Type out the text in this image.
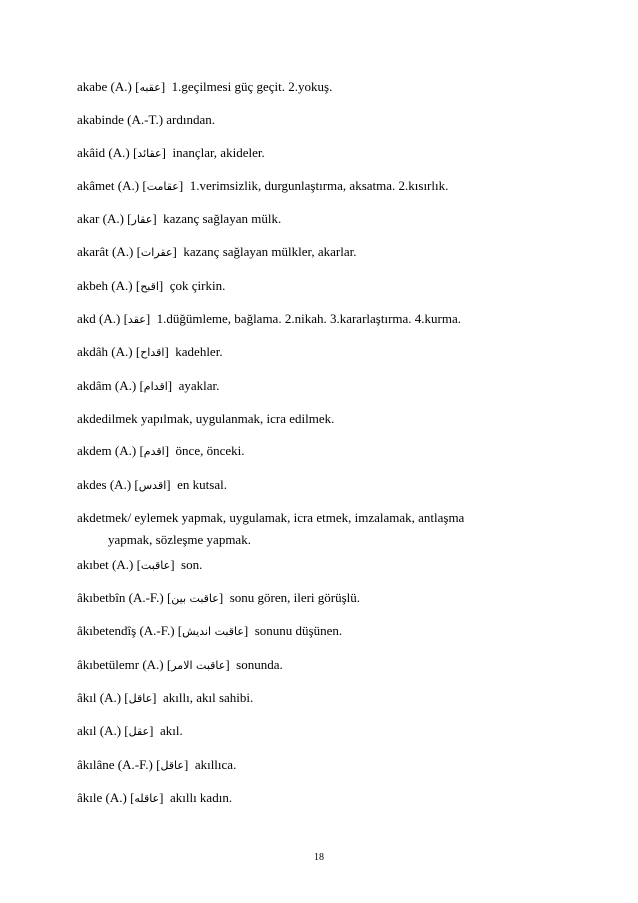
akabe (A.) [عقبه]  1.geçilmesi güç geçit. 2.yokuş.
akabinde (A.-T.) ardından.
akâid (A.) [عقائد]  inançlar, akideler.
akâmet (A.) [عقامت]  1.verimsizlik, durgunlaştırma, aksatma. 2.kısırlık.
akar (A.) [عقار]  kazanç sağlayan mülk.
akarât (A.) [عقرات]  kazanç sağlayan mülkler, akarlar.
akbeh (A.) [اقبح]  çok çirkin.
akd (A.) [عقد]  1.düğümleme, bağlama. 2.nikah. 3.kararlaştırma. 4.kurma.
akdâh (A.) [اقداح]  kadehler.
akdâm (A.) [اقدام]  ayaklar.
akdedilmek yapılmak, uygulanmak, icra edilmek.
akdem (A.) [اقدم]  önce, önceki.
akdes (A.) [اقدس]  en kutsal.
akdetmek/ eylemek yapmak, uygulamak, icra etmek, imzalamak, antlaşma
yapmak, sözleşme yapmak.
akıbet (A.) [عاقبت]  son.
âkıbetbîn (A.-F.) [عاقبت بين]  sonu gören, ileri görüşlü.
âkıbetendîş (A.-F.) [عاقبت انديش]  sonunu düşünen.
âkıbetülemr (A.) [عاقبت الامر]  sonunda.
âkıl (A.) [عاقل]  akıllı, akıl sahibi.
akıl (A.) [عقل]  akıl.
âkılâne (A.-F.) [عاقل]  akıllıca.
âkıle (A.) [عاقله]  akıllı kadın.
18
